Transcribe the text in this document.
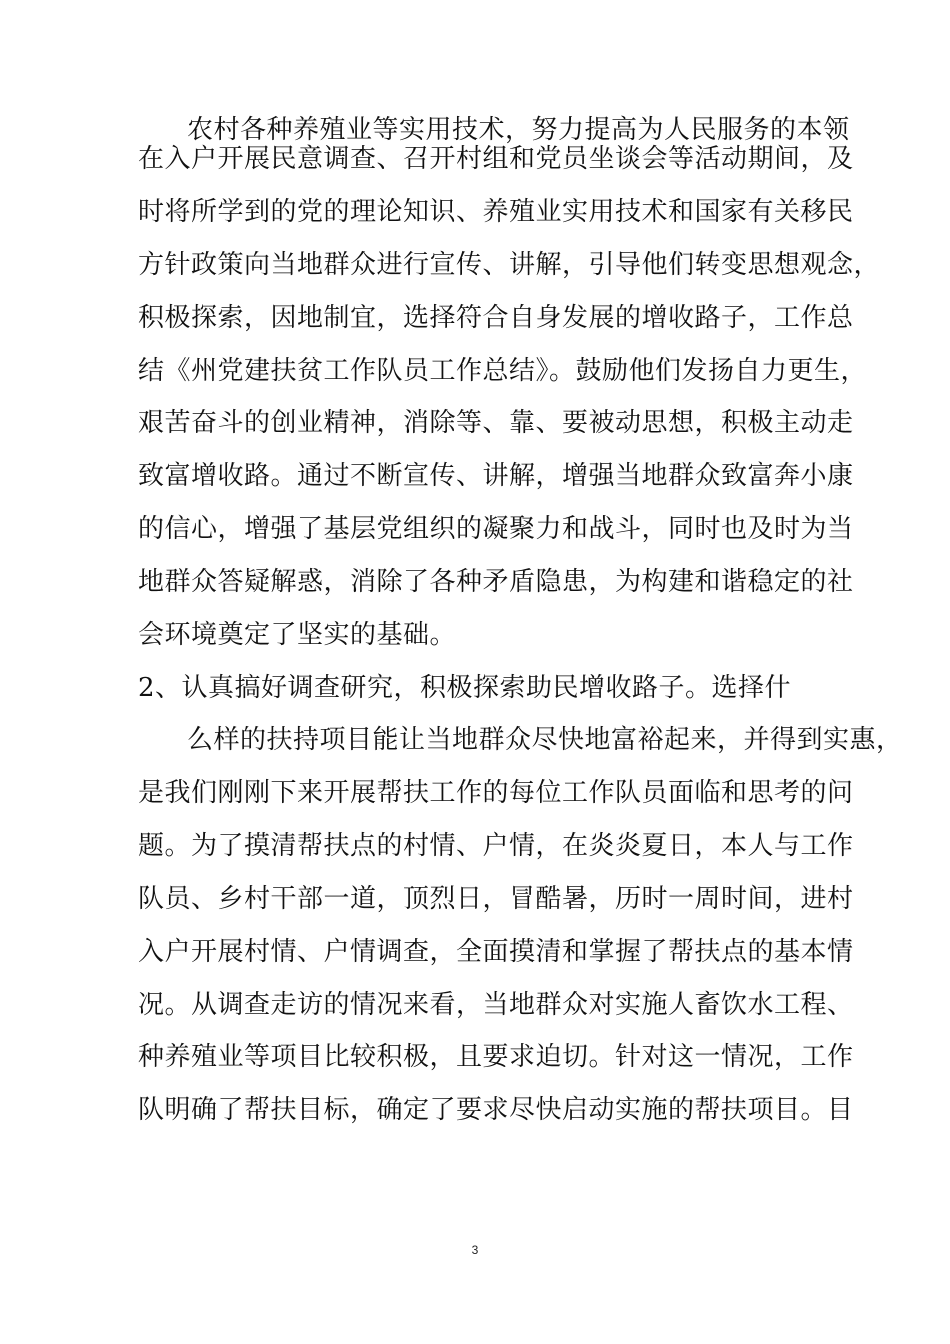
农村各种养殖业等实用技术，努力提高为人民服务的本领
在入户开展民意调查、召开村组和党员坐谈会等活动期间，及
时将所学到的党的理论知识、养殖业实用技术和国家有关移民
方针政策向当地群众进行宣传、讲解，引导他们转变思想观念，
积极探索，因地制宜，选择符合自身发展的增收路子，工作总
结《州党建扶贫工作队员工作总结》。鼓励他们发扬自力更生，
艰苦奋斗的创业精神，消除等、靠、要被动思想，积极主动走
致富增收路。通过不断宣传、讲解，增强当地群众致富奔小康
的信心，增强了基层党组织的凝聚力和战斗，同时也及时为当
地群众答疑解惑，消除了各种矛盾隐患，为构建和谐稳定的社
会环境奠定了坚实的基础。
2、认真搞好调查研究，积极探索助民增收路子。选择什
么样的扶持项目能让当地群众尽快地富裕起来，并得到实惠，
是我们刚刚下来开展帮扶工作的每位工作队员面临和思考的问
题。为了摸清帮扶点的村情、户情，在炎炎夏日，本人与工作
队员、乡村干部一道，顶烈日，冒酷暑，历时一周时间，进村
入户开展村情、户情调查，全面摸清和掌握了帮扶点的基本情
况。从调查走访的情况来看，当地群众对实施人畜饮水工程、
种养殖业等项目比较积极，且要求迫切。针对这一情况，工作
队明确了帮扶目标，确定了要求尽快启动实施的帮扶项目。目
3
